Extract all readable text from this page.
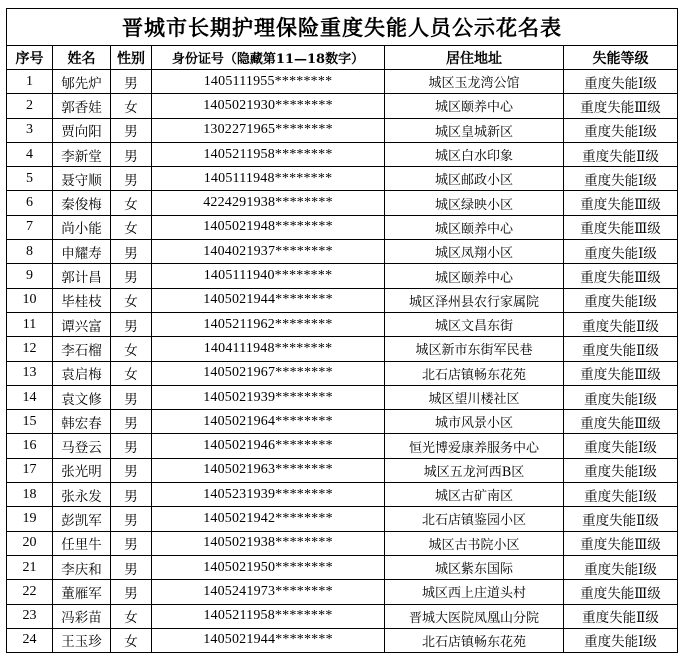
晋城市长期护理保险重度失能人员公示花名表					
序号	姓名	性别	身份证号（隐藏第11—18数字）	居住地址	失能等级
1	郇先炉	男	1405111955********	城区玉龙湾公馆	重度失能Ⅰ级
2	郭香娃	女	1405021930********	城区颐养中心	重度失能Ⅲ级
3	贾向阳	男	1302271965********	城区皇城新区	重度失能Ⅰ级
4	李新堂	男	1405211958********	城区白水印象	重度失能Ⅱ级
5	聂守顺	男	1405111948********	城区邮政小区	重度失能Ⅰ级
6	秦俊梅	女	4224291938********	城区绿映小区	重度失能Ⅲ级
7	尚小能	女	1405021948********	城区颐养中心	重度失能Ⅲ级
8	申耀寿	男	1404021937********	城区凤翔小区	重度失能Ⅰ级
9	郭计昌	男	1405111940********	城区颐养中心	重度失能Ⅲ级
10	毕桂枝	女	1405021944********	城区泽州县农行家属院	重度失能Ⅰ级
11	谭兴富	男	1405211962********	城区文昌东街	重度失能Ⅱ级
12	李石榴	女	1404111948********	城区新市东街军民巷	重度失能Ⅱ级
13	袁启梅	女	1405021967********	北石店镇畅东花苑	重度失能Ⅲ级
14	袁文修	男	1405021939********	城区望川楼社区	重度失能Ⅰ级
15	韩宏春	男	1405021964********	城市风景小区	重度失能Ⅲ级
16	马登云	男	1405021946********	恒光博爱康养服务中心	重度失能Ⅰ级
17	张光明	男	1405021963********	城区五龙河西B区	重度失能Ⅰ级
18	张永发	男	1405231939********	城区古矿南区	重度失能Ⅰ级
19	彭凯军	男	1405021942********	北石店镇鉴园小区	重度失能Ⅱ级
20	任里牛	男	1405021938********	城区古书院小区	重度失能Ⅲ级
21	李庆和	男	1405021950********	城区紫东国际	重度失能Ⅰ级
22	董雁军	男	1405241973********	城区西上庄道头村	重度失能Ⅲ级
23	冯彩苗	女	1405211958********	晋城大医院凤凰山分院	重度失能Ⅱ级
24	王玉珍	女	1405021944********	北石店镇畅东花苑	重度失能Ⅰ级
